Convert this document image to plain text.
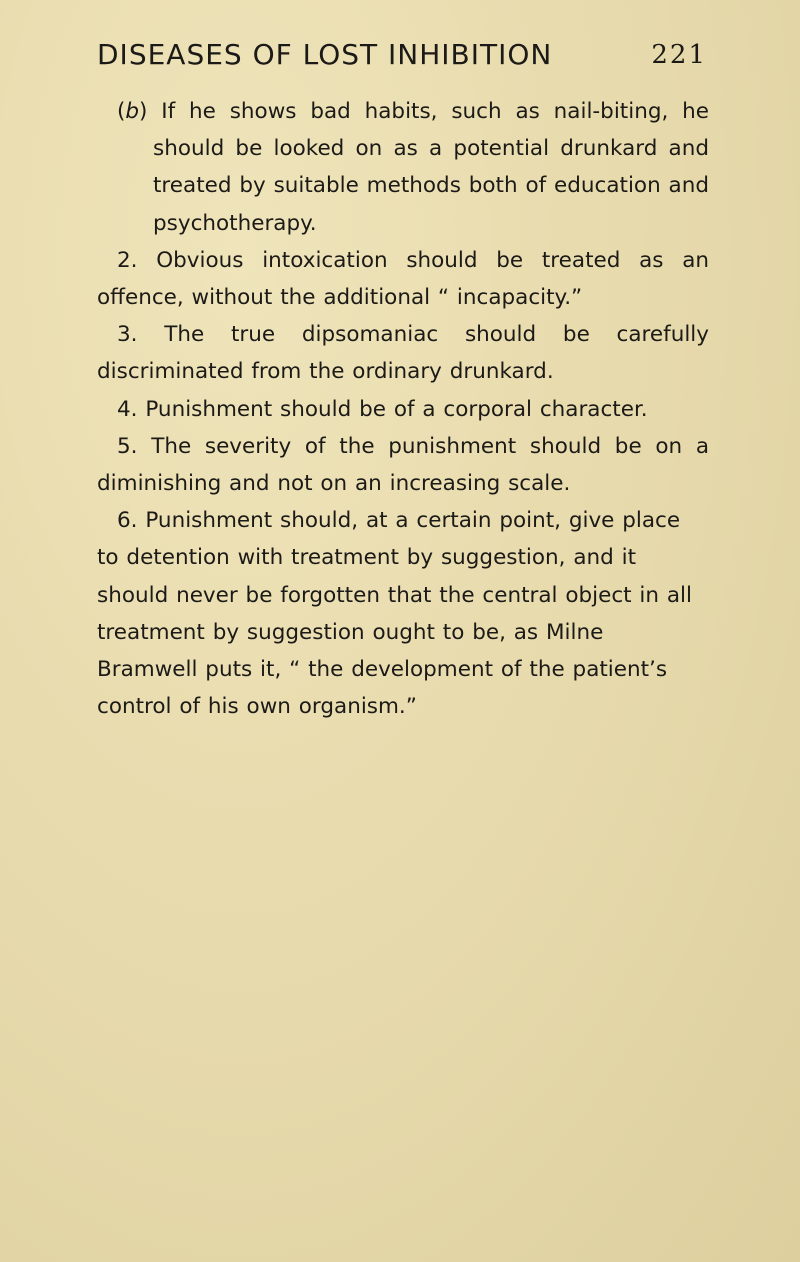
DISEASES OF LOST INHIBITION	221

(b) If he shows bad habits, such as nail-biting, he should be looked on as a potential drunkard and treated by suitable methods both of education and psychotherapy.

2. Obvious intoxication should be treated as an offence, without the additional “ incapacity.”

3. The true dipsomaniac should be carefully discriminated from the ordinary drunkard.

4. Punishment should be of a corporal character.

5. The severity of the punishment should be on a diminishing and not on an increasing scale.

6. Punishment should, at a certain point, give place to detention with treatment by suggestion, and it should never be forgotten that the central object in all treatment by suggestion ought to be, as Milne Bramwell puts it, “ the development of the patient’s control of his own organism.”
